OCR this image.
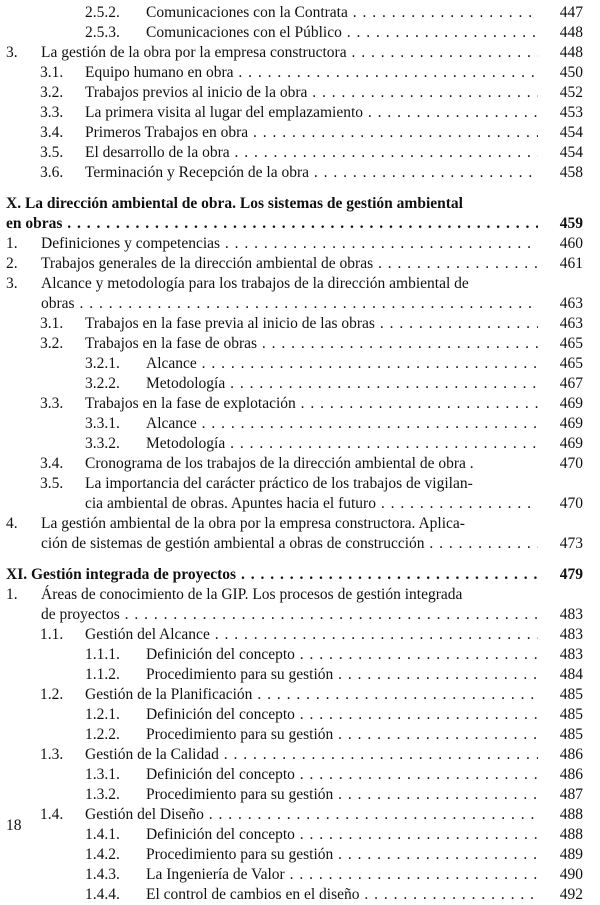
2.5.2. Comunicaciones con la Contrata . . .	447
2.5.3. Comunicaciones con el Público . . .	448
3. La gestión de la obra por la empresa constructora . . .	448
3.1. Equipo humano en obra . . .	450
3.2. Trabajos previos al inicio de la obra . . .	452
3.3. La primera visita al lugar del emplazamiento . . .	453
3.4. Primeros Trabajos en obra . . .	454
3.5. El desarrollo de la obra . . .	454
3.6. Terminación y Recepción de la obra . . .	458
X. La dirección ambiental de obra. Los sistemas de gestión ambiental
en obras . . .	459
1. Definiciones y competencias . . .	460
2. Trabajos generales de la dirección ambiental de obras . . .	461
3. Alcance y metodología para los trabajos de la dirección ambiental de
obras . . .	463
3.1. Trabajos en la fase previa al inicio de las obras . . .	463
3.2. Trabajos en la fase de obras . . .	465
3.2.1. Alcance . . .	465
3.2.2. Metodología . . .	467
3.3. Trabajos en la fase de explotación . . .	469
3.3.1. Alcance . . .	469
3.3.2. Metodología . . .	469
3.4. Cronograma de los trabajos de la dirección ambiental de obra .	470
3.5. La importancia del carácter práctico de los trabajos de vigilan-
cia ambiental de obras. Apuntes hacia el futuro . . .	470
4. La gestión ambiental de la obra por la empresa constructora. Aplica-
ción de sistemas de gestión ambiental a obras de construcción . . .	473
XI. Gestión integrada de proyectos . . .	479
1. Áreas de conocimiento de la GIP. Los procesos de gestión integrada
de proyectos . . .	483
1.1. Gestión del Alcance . . .	483
1.1.1. Definición del concepto . . .	483
1.1.2. Procedimiento para su gestión . . .	484
1.2. Gestión de la Planificación . . .	485
1.2.1. Definición del concepto . . .	485
1.2.2. Procedimiento para su gestión . . .	485
1.3. Gestión de la Calidad . . .	486
1.3.1. Definición del concepto . . .	486
1.3.2. Procedimiento para su gestión . . .	487
1.4. Gestión del Diseño . . .	488
1.4.1. Definición del concepto . . .	488
1.4.2. Procedimiento para su gestión . . .	489
1.4.3. La Ingeniería de Valor . . .	490
1.4.4. El control de cambios en el diseño . . .	492
18
